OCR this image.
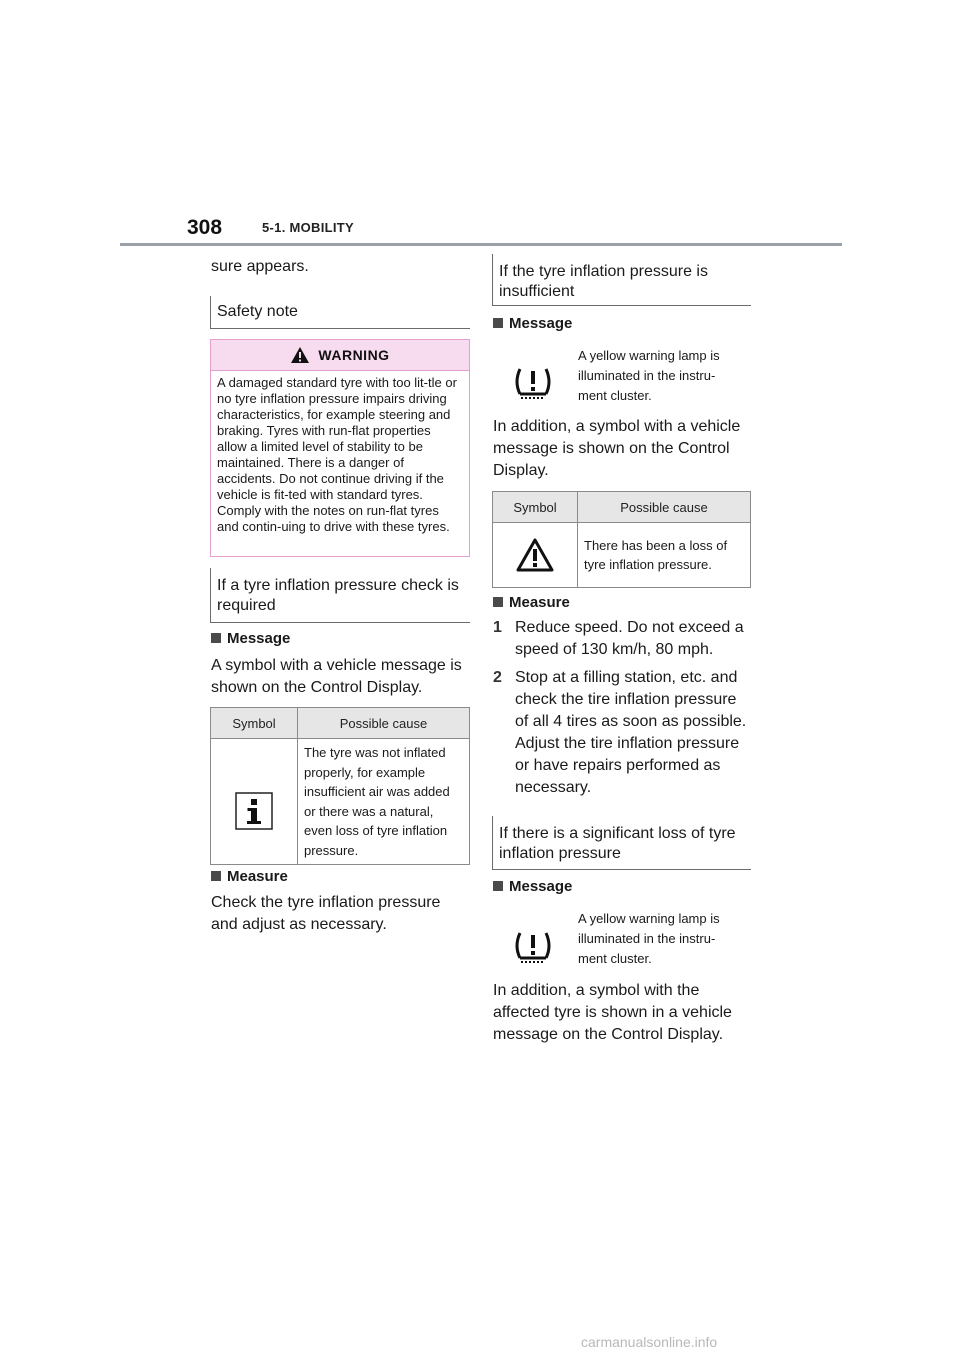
308	5-1. MOBILITY
sure appears.
Safety note
WARNING
A damaged standard tyre with too lit-tle or no tyre inflation pressure impairs driving characteristics, for example steering and braking. Tyres with run-flat properties allow a limited level of stability to be maintained. There is a danger of accidents. Do not continue driving if the vehicle is fit-ted with standard tyres. Comply with the notes on run-flat tyres and contin-uing to drive with these tyres.
If a tyre inflation pressure check is required
Message
A symbol with a vehicle message is shown on the Control Display.
Symbol	Possible cause
	The tyre was not inflated properly, for example insufficient air was added or there was a natural, even loss of tyre inflation pressure.
Measure
Check the tyre inflation pressure and adjust as necessary.
If the tyre inflation pressure is insufficient
Message
A yellow warning lamp is illuminated in the instru-ment cluster.
In addition, a symbol with a vehicle message is shown on the Control Display.
Symbol	Possible cause
	There has been a loss of tyre inflation pressure.
Measure
1 Reduce speed. Do not exceed a speed of 130 km/h, 80 mph.
2 Stop at a filling station, etc. and check the tire inflation pressure of all 4 tires as soon as possible. Adjust the tire inflation pressure or have repairs performed as necessary.
If there is a significant loss of tyre inflation pressure
Message
A yellow warning lamp is illuminated in the instru-ment cluster.
In addition, a symbol with the affected tyre is shown in a vehicle message on the Control Display.
carmanualsonline.info
